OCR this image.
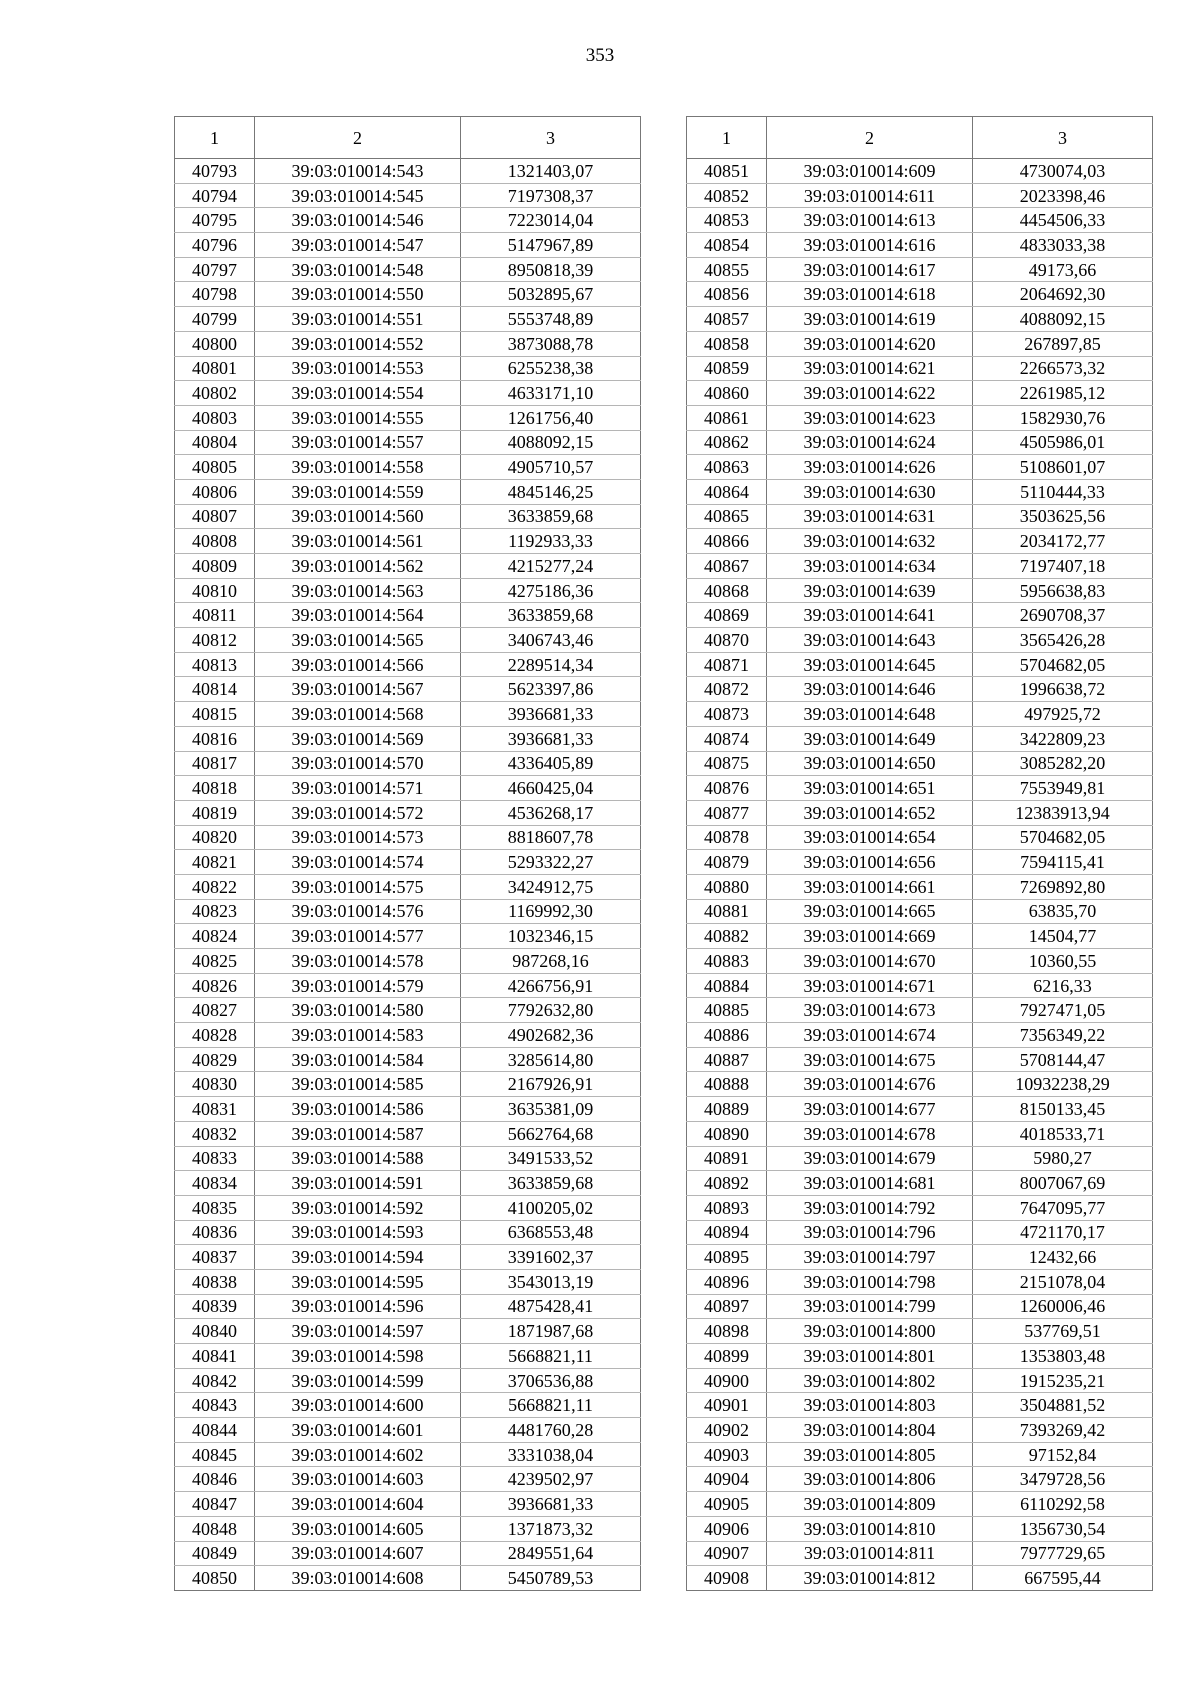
353
1	2	3
40793	39:03:010014:543	1321403,07
40794	39:03:010014:545	7197308,37
40795	39:03:010014:546	7223014,04
40796	39:03:010014:547	5147967,89
40797	39:03:010014:548	8950818,39
40798	39:03:010014:550	5032895,67
40799	39:03:010014:551	5553748,89
40800	39:03:010014:552	3873088,78
40801	39:03:010014:553	6255238,38
40802	39:03:010014:554	4633171,10
40803	39:03:010014:555	1261756,40
40804	39:03:010014:557	4088092,15
40805	39:03:010014:558	4905710,57
40806	39:03:010014:559	4845146,25
40807	39:03:010014:560	3633859,68
40808	39:03:010014:561	1192933,33
40809	39:03:010014:562	4215277,24
40810	39:03:010014:563	4275186,36
40811	39:03:010014:564	3633859,68
40812	39:03:010014:565	3406743,46
40813	39:03:010014:566	2289514,34
40814	39:03:010014:567	5623397,86
40815	39:03:010014:568	3936681,33
40816	39:03:010014:569	3936681,33
40817	39:03:010014:570	4336405,89
40818	39:03:010014:571	4660425,04
40819	39:03:010014:572	4536268,17
40820	39:03:010014:573	8818607,78
40821	39:03:010014:574	5293322,27
40822	39:03:010014:575	3424912,75
40823	39:03:010014:576	1169992,30
40824	39:03:010014:577	1032346,15
40825	39:03:010014:578	987268,16
40826	39:03:010014:579	4266756,91
40827	39:03:010014:580	7792632,80
40828	39:03:010014:583	4902682,36
40829	39:03:010014:584	3285614,80
40830	39:03:010014:585	2167926,91
40831	39:03:010014:586	3635381,09
40832	39:03:010014:587	5662764,68
40833	39:03:010014:588	3491533,52
40834	39:03:010014:591	3633859,68
40835	39:03:010014:592	4100205,02
40836	39:03:010014:593	6368553,48
40837	39:03:010014:594	3391602,37
40838	39:03:010014:595	3543013,19
40839	39:03:010014:596	4875428,41
40840	39:03:010014:597	1871987,68
40841	39:03:010014:598	5668821,11
40842	39:03:010014:599	3706536,88
40843	39:03:010014:600	5668821,11
40844	39:03:010014:601	4481760,28
40845	39:03:010014:602	3331038,04
40846	39:03:010014:603	4239502,97
40847	39:03:010014:604	3936681,33
40848	39:03:010014:605	1371873,32
40849	39:03:010014:607	2849551,64
40850	39:03:010014:608	5450789,53
1	2	3
40851	39:03:010014:609	4730074,03
40852	39:03:010014:611	2023398,46
40853	39:03:010014:613	4454506,33
40854	39:03:010014:616	4833033,38
40855	39:03:010014:617	49173,66
40856	39:03:010014:618	2064692,30
40857	39:03:010014:619	4088092,15
40858	39:03:010014:620	267897,85
40859	39:03:010014:621	2266573,32
40860	39:03:010014:622	2261985,12
40861	39:03:010014:623	1582930,76
40862	39:03:010014:624	4505986,01
40863	39:03:010014:626	5108601,07
40864	39:03:010014:630	5110444,33
40865	39:03:010014:631	3503625,56
40866	39:03:010014:632	2034172,77
40867	39:03:010014:634	7197407,18
40868	39:03:010014:639	5956638,83
40869	39:03:010014:641	2690708,37
40870	39:03:010014:643	3565426,28
40871	39:03:010014:645	5704682,05
40872	39:03:010014:646	1996638,72
40873	39:03:010014:648	497925,72
40874	39:03:010014:649	3422809,23
40875	39:03:010014:650	3085282,20
40876	39:03:010014:651	7553949,81
40877	39:03:010014:652	12383913,94
40878	39:03:010014:654	5704682,05
40879	39:03:010014:656	7594115,41
40880	39:03:010014:661	7269892,80
40881	39:03:010014:665	63835,70
40882	39:03:010014:669	14504,77
40883	39:03:010014:670	10360,55
40884	39:03:010014:671	6216,33
40885	39:03:010014:673	7927471,05
40886	39:03:010014:674	7356349,22
40887	39:03:010014:675	5708144,47
40888	39:03:010014:676	10932238,29
40889	39:03:010014:677	8150133,45
40890	39:03:010014:678	4018533,71
40891	39:03:010014:679	5980,27
40892	39:03:010014:681	8007067,69
40893	39:03:010014:792	7647095,77
40894	39:03:010014:796	4721170,17
40895	39:03:010014:797	12432,66
40896	39:03:010014:798	2151078,04
40897	39:03:010014:799	1260006,46
40898	39:03:010014:800	537769,51
40899	39:03:010014:801	1353803,48
40900	39:03:010014:802	1915235,21
40901	39:03:010014:803	3504881,52
40902	39:03:010014:804	7393269,42
40903	39:03:010014:805	97152,84
40904	39:03:010014:806	3479728,56
40905	39:03:010014:809	6110292,58
40906	39:03:010014:810	1356730,54
40907	39:03:010014:811	7977729,65
40908	39:03:010014:812	667595,44
